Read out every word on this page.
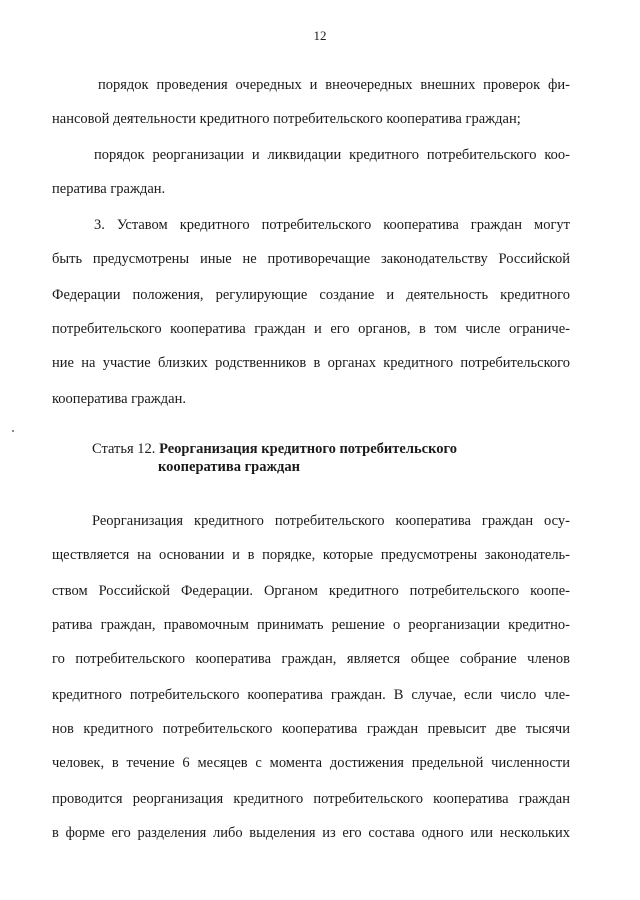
12
порядок проведения очередных и внеочередных внешних проверок фи-
нансовой деятельности кредитного потребительского кооператива граждан;
порядок реорганизации и ликвидации кредитного потребительского коо-
ператива граждан.
3. Уставом кредитного потребительского кооператива граждан могут
быть предусмотрены иные не противоречащие законодательству Российской
Федерации положения, регулирующие создание и деятельность кредитного
потребительского кооператива граждан и его органов, в том числе ограниче-
ние на участие близких родственников в органах кредитного потребительского
кооператива граждан.
Статья 12. Реорганизация кредитного потребительского
кооператива граждан
Реорганизация кредитного потребительского кооператива граждан осу-
ществляется на основании и в порядке, которые предусмотрены законодатель-
ством Российской Федерации. Органом кредитного потребительского коопе-
ратива граждан, правомочным принимать решение о реорганизации кредитно-
го потребительского кооператива граждан, является общее собрание членов
кредитного потребительского кооператива граждан. В случае, если число чле-
нов кредитного потребительского кооператива граждан превысит две тысячи
человек, в течение 6 месяцев с момента достижения предельной численности
проводится реорганизация кредитного потребительского кооператива граждан
в форме его разделения либо выделения из его состава одного или нескольких
